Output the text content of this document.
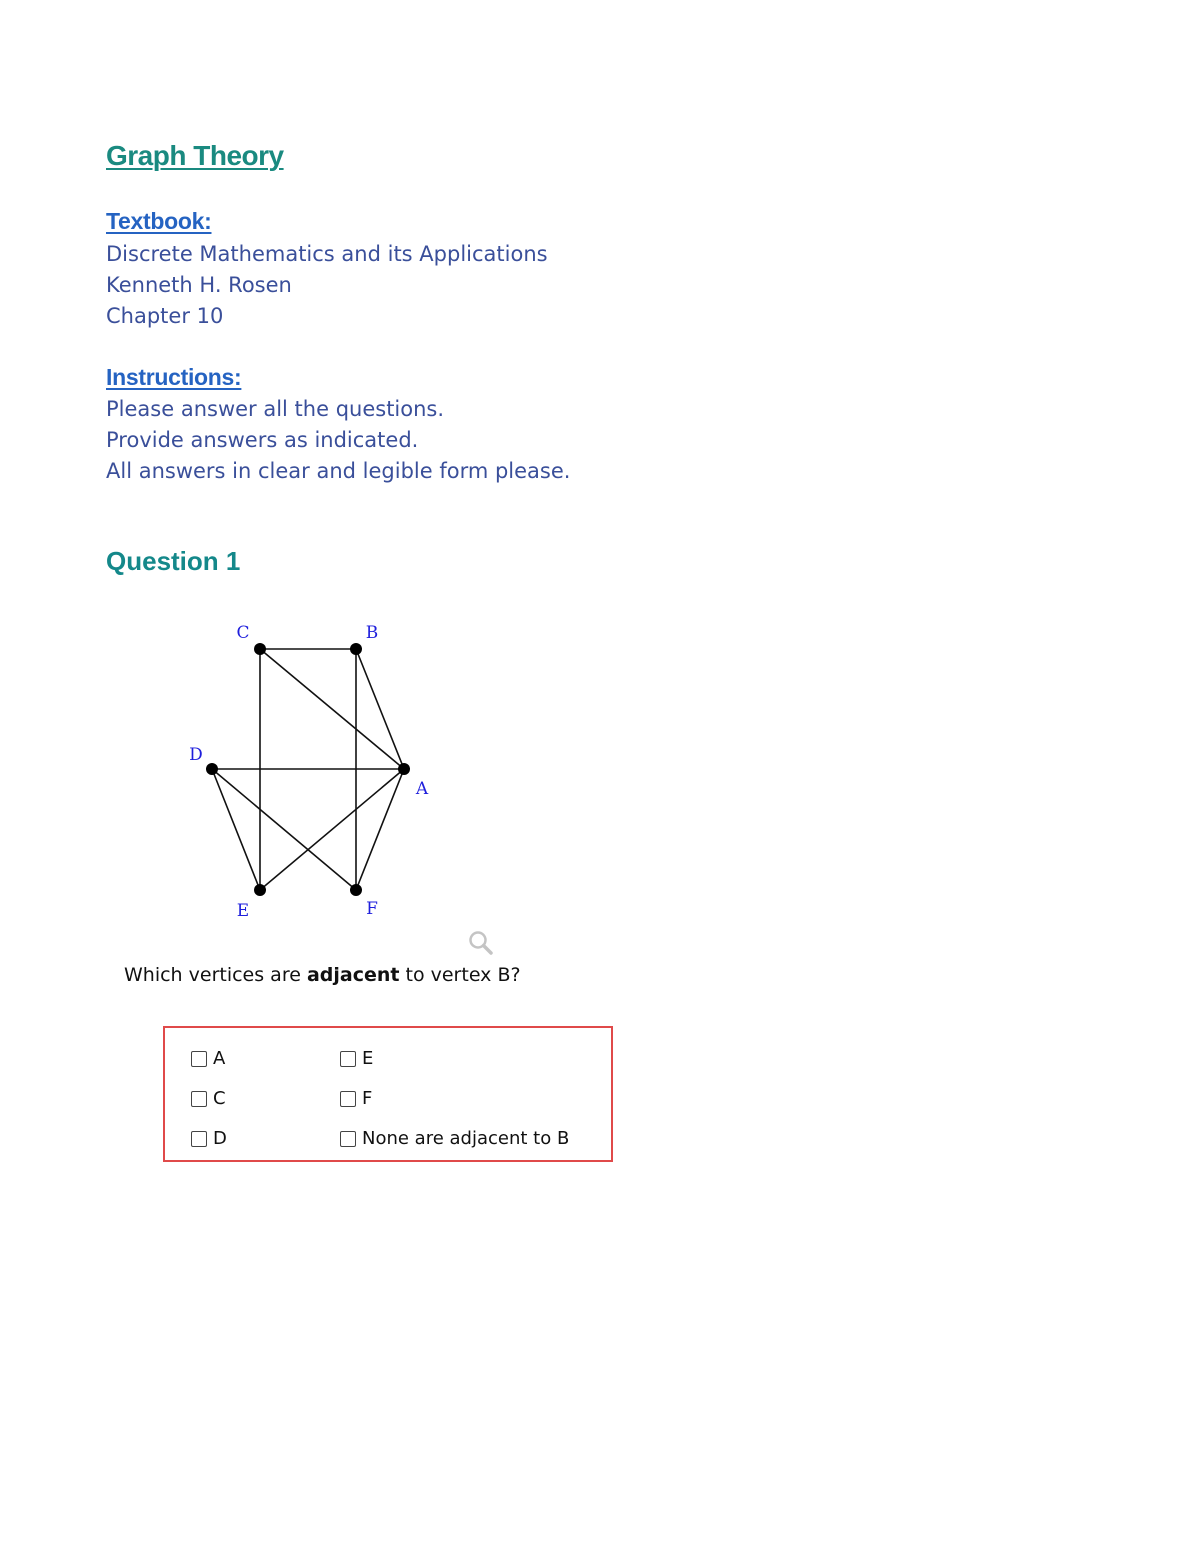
Graph Theory
Textbook:
Discrete Mathematics and its Applications
Kenneth H. Rosen
Chapter 10
Instructions:
Please answer all the questions.
Provide answers as indicated.
All answers in clear and legible form please.
Question 1
A
B
C
D
E	F
Which vertices are adjacent to vertex B?
A
C
D
E
F
None are adjacent to B
